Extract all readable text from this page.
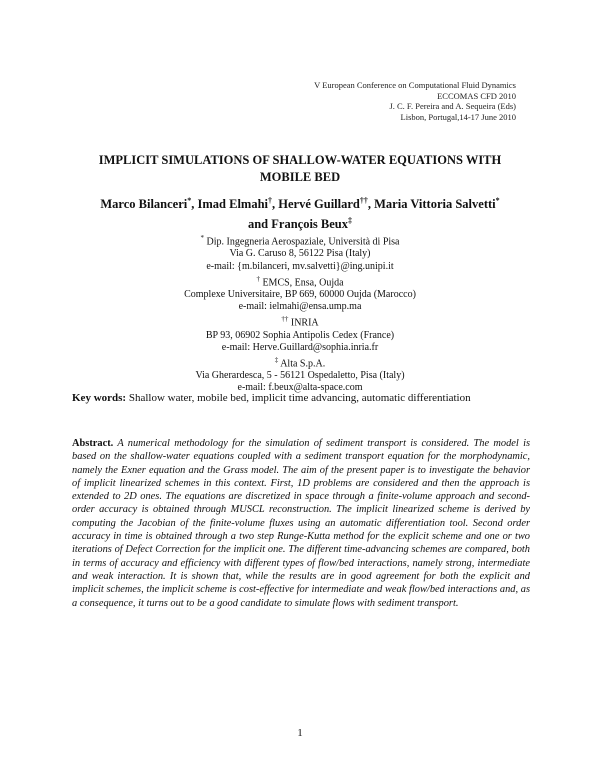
V European Conference on Computational Fluid Dynamics
ECCOMAS CFD 2010
J. C. F. Pereira and A. Sequeira (Eds)
Lisbon, Portugal,14-17 June 2010
IMPLICIT SIMULATIONS OF SHALLOW-WATER EQUATIONS WITH
MOBILE BED
Marco Bilanceri*, Imad Elmahi†, Hervé Guillard††, Maria Vittoria Salvetti*
and François Beux‡
* Dip. Ingegneria Aerospaziale, Università di Pisa
Via G. Caruso 8, 56122 Pisa (Italy)
e-mail: {m.bilanceri, mv.salvetti}@ing.unipi.it
† EMCS, Ensa, Oujda
Complexe Universitaire, BP 669, 60000 Oujda (Marocco)
e-mail: ielmahi@ensa.ump.ma
†† INRIA
BP 93, 06902 Sophia Antipolis Cedex (France)
e-mail: Herve.Guillard@sophia.inria.fr
‡ Alta S.p.A.
Via Gherardesca, 5 - 56121 Ospedaletto, Pisa (Italy)
e-mail: f.beux@alta-space.com
Key words: Shallow water, mobile bed, implicit time advancing, automatic differentiation
Abstract. A numerical methodology for the simulation of sediment transport is considered. The model is based on the shallow-water equations coupled with a sediment transport equation for the morphodynamic, namely the Exner equation and the Grass model. The aim of the present paper is to investigate the behavior of implicit linearized schemes in this context. First, 1D problems are considered and then the approach is extended to 2D ones. The equations are discretized in space through a finite-volume approach and second-order accuracy is obtained through MUSCL reconstruction. The implicit linearized scheme is derived by computing the Jacobian of the finite-volume fluxes using an automatic differentiation tool. Second order accuracy in time is obtained through a two step Runge-Kutta method for the explicit scheme and one or two iterations of Defect Correction for the implicit one. The different time-advancing schemes are compared, both in terms of accuracy and efficiency with different types of flow/bed interactions, namely strong, intermediate and weak interaction. It is shown that, while the results are in good agreement for both the explicit and implicit schemes, the implicit scheme is cost-effective for intermediate and weak flow/bed interactions and, as a consequence, it turns out to be a good candidate to simulate flows with sediment transport.
1
